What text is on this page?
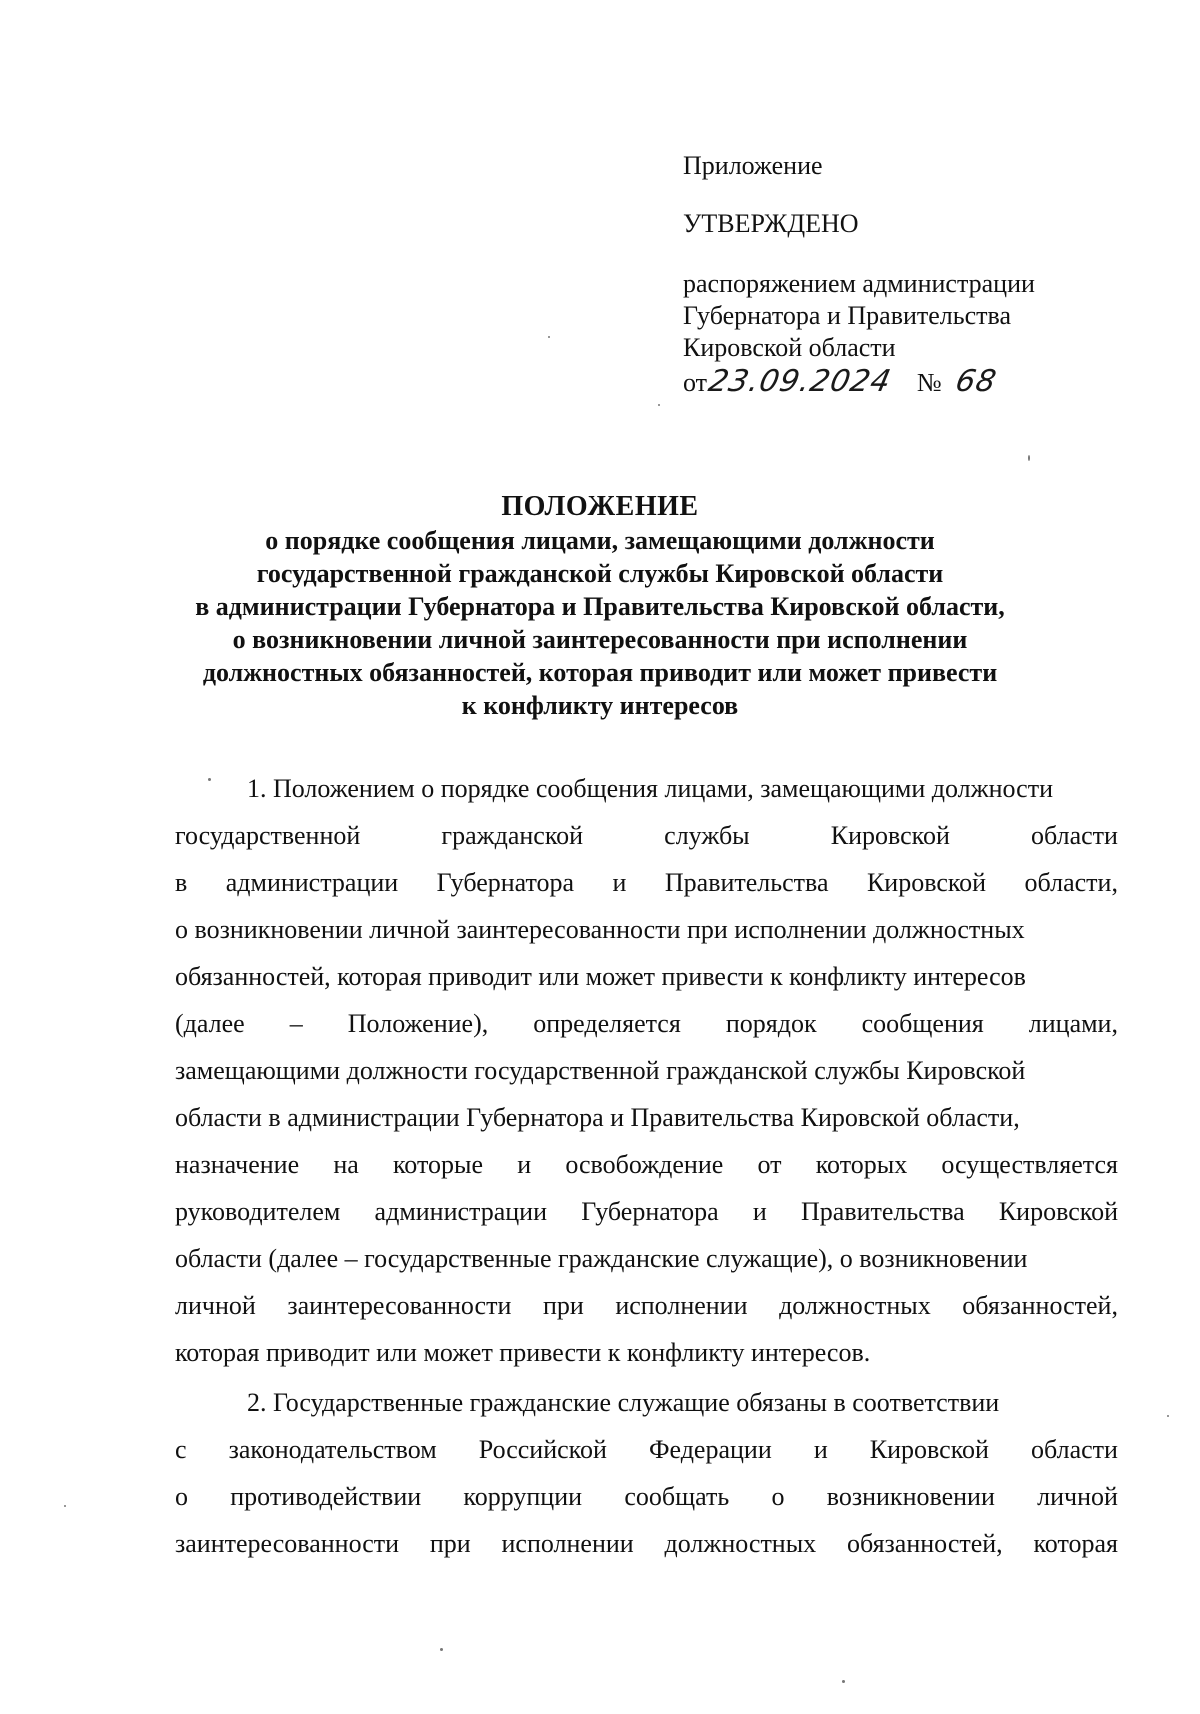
Приложение
УТВЕРЖДЕНО
распоряжением администрации
Губернатора и Правительства
Кировской области
от23.09.2024 № 68
ПОЛОЖЕНИЕ
о порядке сообщения лицами, замещающими должности
государственной гражданской службы Кировской области
в администрации Губернатора и Правительства Кировской области,
о возникновении личной заинтересованности при исполнении
должностных обязанностей, которая приводит или может привести
к конфликту интересов
1. Положением о порядке сообщения лицами, замещающими должности
государственной	гражданской	службы	Кировской	области
в администрации Губернатора и Правительства Кировской области,
о возникновении личной заинтересованности при исполнении должностных
обязанностей, которая приводит или может привести к конфликту интересов
(далее – Положение), определяется порядок сообщения лицами,
замещающими должности государственной гражданской службы Кировской
области в администрации Губернатора и Правительства Кировской области,
назначение на которые и освобождение от которых осуществляется
руководителем администрации Губернатора и Правительства Кировской
области (далее – государственные гражданские служащие), о возникновении
личной заинтересованности при исполнении должностных обязанностей,
которая приводит или может привести к конфликту интересов.
2. Государственные гражданские служащие обязаны в соответствии
с законодательством Российской Федерации и Кировской области
о противодействии коррупции сообщать о возникновении личной
заинтересованности при исполнении должностных обязанностей, которая
